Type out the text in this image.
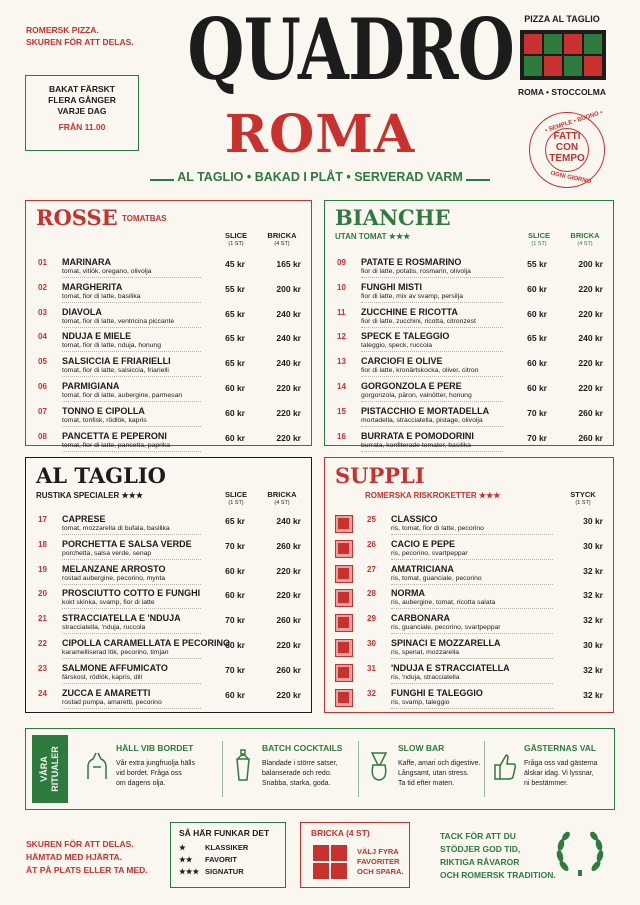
ROMERSK PIZZA.
SKUREN FÖR ATT DELAS.
BAKAT FÄRSKT
FLERA GÅNGER
VARJE DAG
FRÅN 11.00
QUADRO
ROMA
AL TAGLIO • BAKAD I PLÅT • SERVERAD VARM
PIZZA AL TAGLIO
ROMA • STOCCOLMA
• SEMPLE • BUONO •
FATTI
CON
TEMPO
OGNI GIORNO
ROSSE TOMATBAS
SLICE
(1 ST)
BRICKA
(4 ST)
01 MARINARA
tomat, vitlök, oregano, olivolja
45 kr	165 kr
02 MARGHERITA
tomat, fior di latte, basilika
55 kr	200 kr
03 DIAVOLA
tomat, fior di latte, ventricina piccante
65 kr	240 kr
04 NDUJA E MIELE
tomat, fior di latte, nduja, honung
65 kr	240 kr
05 SALSICCIA E FRIARIELLI
tomat, fior di latte, salsiccia, friarielli
65 kr	240 kr
06 PARMIGIANA
tomat, fior di latte, aubergine, parmesan
60 kr	220 kr
07 TONNO E CIPOLLA
tomat, tonfisk, rödlök, kapris
60 kr	220 kr
08 PANCETTA E PEPERONI
tomat, fior di latte, pancetta, paprika
60 kr	220 kr
BIANCHE
UTAN TOMAT ★★★	SLICE
(1 ST)
BRICKA
(4 ST)
09 PATATE E ROSMARINO
fior di latte, potatis, rosmarin, olivolja
55 kr	200 kr
10 FUNGHI MISTI
fior di latte, mix av svamp, persilja
60 kr	220 kr
11 ZUCCHINE E RICOTTA
fior di latte, zucchini, ricotta, citronzest
60 kr	220 kr
12 SPECK E TALEGGIO
taleggio, speck, ruccola
65 kr	240 kr
13 CARCIOFI E OLIVE
fior di latte, kronärtskocka, oliver, citron
60 kr	220 kr
14 GORGONZOLA E PERE
gorgonzola, päron, valnötter, honung
60 kr	220 kr
15 PISTACCHIO E MORTADELLA
mortadella, stracciatella, pistage, olivolja
70 kr	260 kr
16 BURRATA E POMODORINI
burrata, konfiterade tomater, basilika
70 kr	260 kr
AL TAGLIO
RUSTIKA SPECIALER ★★★	SLICE
(1 ST)
BRICKA
(4 ST)
17 CAPRESE
tomat, mozzarella di bufala, basilika
65 kr	240 kr
18 PORCHETTA E SALSA VERDE
porchetta, salsa verde, senap
70 kr	260 kr
19 MELANZANE ARROSTO
rostad aubergine, pecorino, mynta
60 kr	220 kr
20 PROSCIUTTO COTTO E FUNGHI
kokt skinka, svamp, fior di latte
60 kr	220 kr
21 STRACCIATELLA E 'NDUJA
stracciatella, 'nduja, ruccola
70 kr	260 kr
22 CIPOLLA CARAMELLATA E PECORINO
karamelliserad lök, pecorino, timjan
60 kr	220 kr
23 SALMONE AFFUMICATO
färskost, rödlök, kapris, dill
70 kr	260 kr
24 ZUCCA E AMARETTI
rostad pumpa, amaretti, pecorino
60 kr	220 kr
SUPPLI
ROMERSKA RISKROKETTER ★★★	STYCK
(1 ST)
25 CLASSICO
ris, tomat, fior di latte, pecorino
30 kr
26 CACIO E PEPE
ris, pecorino, svartpeppar
30 kr
27 AMATRICIANA
ris, tomat, guanciale, pecorino
32 kr
28 NORMA
ris, aubergine, tomat, ricotta salata
32 kr
29 CARBONARA
ris, guanciale, pecorino, svartpeppar
32 kr
30 SPINACI E MOZZARELLA
ris, spenat, mozzarella
30 kr
31 'NDUJA E STRACCIATELLA
ris, 'nduja, stracciatella
32 kr
32 FUNGHI E TALEGGIO
ris, svamp, taleggio
32 kr
VÅRA RITUALER	HÄLL VIB BORDET
Vår extra jungfruolja hälls
vid bordet. Fråga oss
om dagens olja.
BATCH COCKTAILS
Blandade i större satser,
balanserade och redo.
Snabba, starka, goda.
SLOW BAR
Kaffe, amari och digestive.
Långsamt, utan stress.
Ta tid efter maten.
GÄSTERNAS VAL
Fråga oss vad gästerna
älskar idag. Vi lyssnar,
ni bestämmer.
SKUREN FÖR ATT DELAS.
HÄMTAD MED HJÄRTA.
ÄT PÅ PLATS ELLER TA MED.
SÅ HÄR FUNKAR DET
★	KLASSIKER
★★ FAVORIT
★★★ SIGNATUR
BRICKA (4 ST)
VÄLJ FYRA
FAVORITER
OCH SPARA.
TACK FÖR ATT DU
STÖDJER GOD TID,
RIKTIGA RÅVAROR
OCH ROMERSK TRADITION.
